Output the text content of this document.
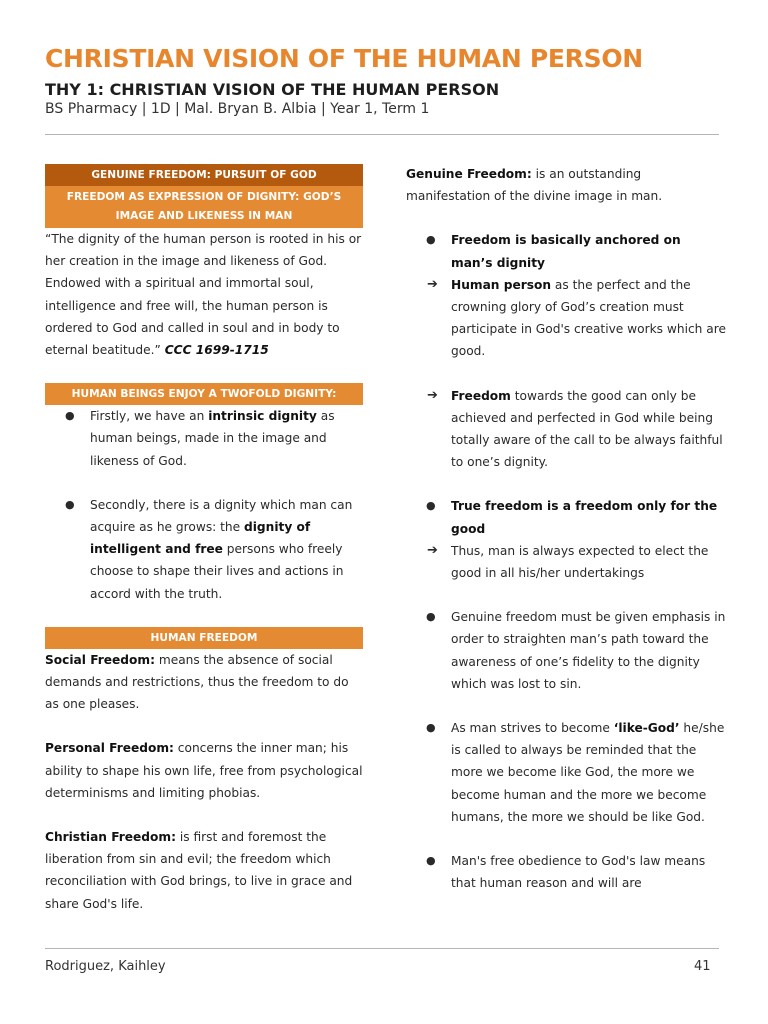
CHRISTIAN VISION OF THE HUMAN PERSON
THY 1: CHRISTIAN VISION OF THE HUMAN PERSON
BS Pharmacy | 1D | Mal. Bryan B. Albia | Year 1, Term 1
GENUINE FREEDOM: PURSUIT OF GOD
FREEDOM AS EXPRESSION OF DIGNITY: GOD’S IMAGE AND LIKENESS IN MAN

“The dignity of the human person is rooted in his or her creation in the image and likeness of God. Endowed with a spiritual and immortal soul, intelligence and free will, the human person is ordered to God and called in soul and in body to eternal beatitude.” CCC 1699-1715

HUMAN BEINGS ENJOY A TWOFOLD DIGNITY:

● Firstly, we have an intrinsic dignity as human beings, made in the image and likeness of God.

● Secondly, there is a dignity which man can acquire as he grows: the dignity of intelligent and free persons who freely choose to shape their lives and actions in accord with the truth.

HUMAN FREEDOM

Social Freedom: means the absence of social demands and restrictions, thus the freedom to do as one pleases.

Personal Freedom: concerns the inner man; his ability to shape his own life, free from psychological determinisms and limiting phobias.

Christian Freedom: is first and foremost the liberation from sin and evil; the freedom which reconciliation with God brings, to live in grace and share God's life.

Genuine Freedom: is an outstanding manifestation of the divine image in man.

● Freedom is basically anchored on man’s dignity

➔ Human person as the perfect and the crowning glory of God’s creation must participate in God's creative works which are good.

➔ Freedom towards the good can only be achieved and perfected in God while being totally aware of the call to be always faithful to one’s dignity.

● True freedom is a freedom only for the good

➔ Thus, man is always expected to elect the good in all his/her undertakings

● Genuine freedom must be given emphasis in order to straighten man’s path toward the awareness of one’s fidelity to the dignity which was lost to sin.

● As man strives to become ‘like-God’ he/she is called to always be reminded that the more we become like God, the more we become human and the more we become humans, the more we should be like God.

● Man's free obedience to God's law means that human reason and will are

Rodriguez, Kaihley	41
